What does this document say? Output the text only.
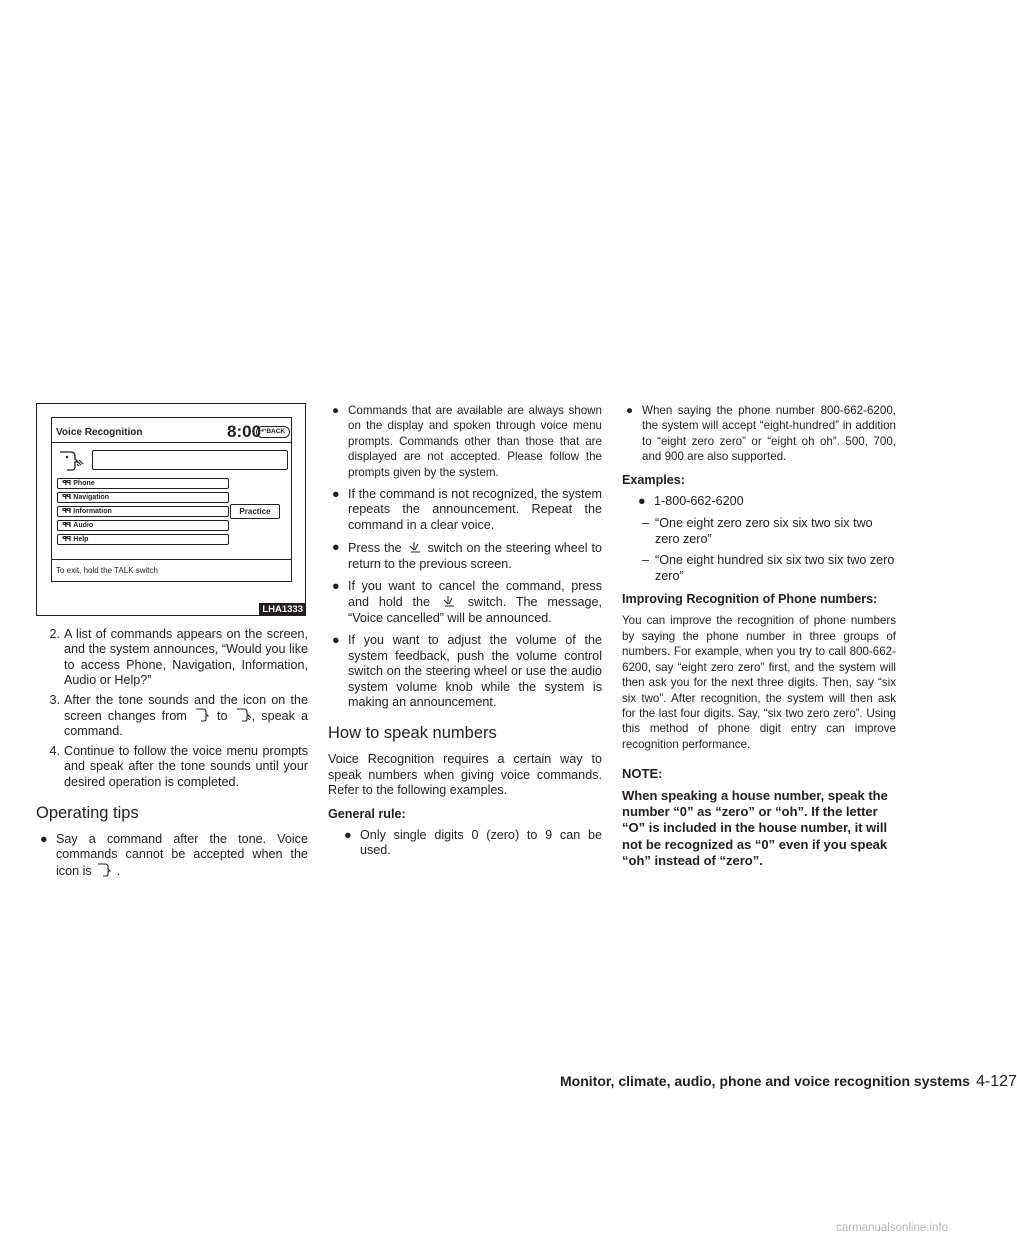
Voice Recognition	8:00 ↶BACK
ꟼꟼ Phone
ꟼꟼ Navigation
ꟼꟼ Information
ꟼꟼ Audio
ꟼꟼ Help
Practice
To exit, hold the TALK switch
LHA1333
2. A list of commands appears on the screen, and the system announces, “Would you like to access Phone, Navigation, Information, Audio or Help?”
3. After the tone sounds and the icon on the screen changes from to , speak a command.
4. Continue to follow the voice menu prompts and speak after the tone sounds until your desired operation is completed.
Operating tips
● Say a command after the tone. Voice commands cannot be accepted when the icon is .
● Commands that are available are always shown on the display and spoken through voice menu prompts. Commands other than those that are displayed are not accepted. Please follow the prompts given by the system.
● If the command is not recognized, the system repeats the announcement. Repeat the command in a clear voice.
● Press the switch on the steering wheel to return to the previous screen.
● If you want to cancel the command, press and hold the	switch. The message, “Voice cancelled” will be announced.
● If you want to adjust the volume of the system feedback, push the volume control switch on the steering wheel or use the audio system volume knob while the system is making an announcement.
How to speak numbers
Voice Recognition requires a certain way to speak numbers when giving voice commands. Refer to the following examples.
General rule:
● Only single digits 0 (zero) to 9 can be used.
● When saying the phone number 800-662-6200, the system will accept “eight-hundred” in addition to “eight zero zero” or “eight oh oh”. 500, 700, and 900 are also supported.
Examples:
● 1-800-662-6200
– “One eight zero zero six six two six two zero zero”
– “One eight hundred six six two six two zero zero”
Improving Recognition of Phone numbers:
You can improve the recognition of phone numbers by saying the phone number in three groups of numbers. For example, when you try to call 800-662-6200, say “eight zero zero” first, and the system will then ask you for the next three digits. Then, say “six six two”. After recognition, the system will then ask for the last four digits. Say, “six two zero zero”. Using this method of phone digit entry can improve recognition performance.
NOTE:
When speaking a house number, speak the number “0” as “zero” or “oh”. If the letter “O” is included in the house number, it will not be recognized as “0” even if you speak “oh” instead of “zero”.
Monitor, climate, audio, phone and voice recognition systems 4-127
carmanualsonline.info
